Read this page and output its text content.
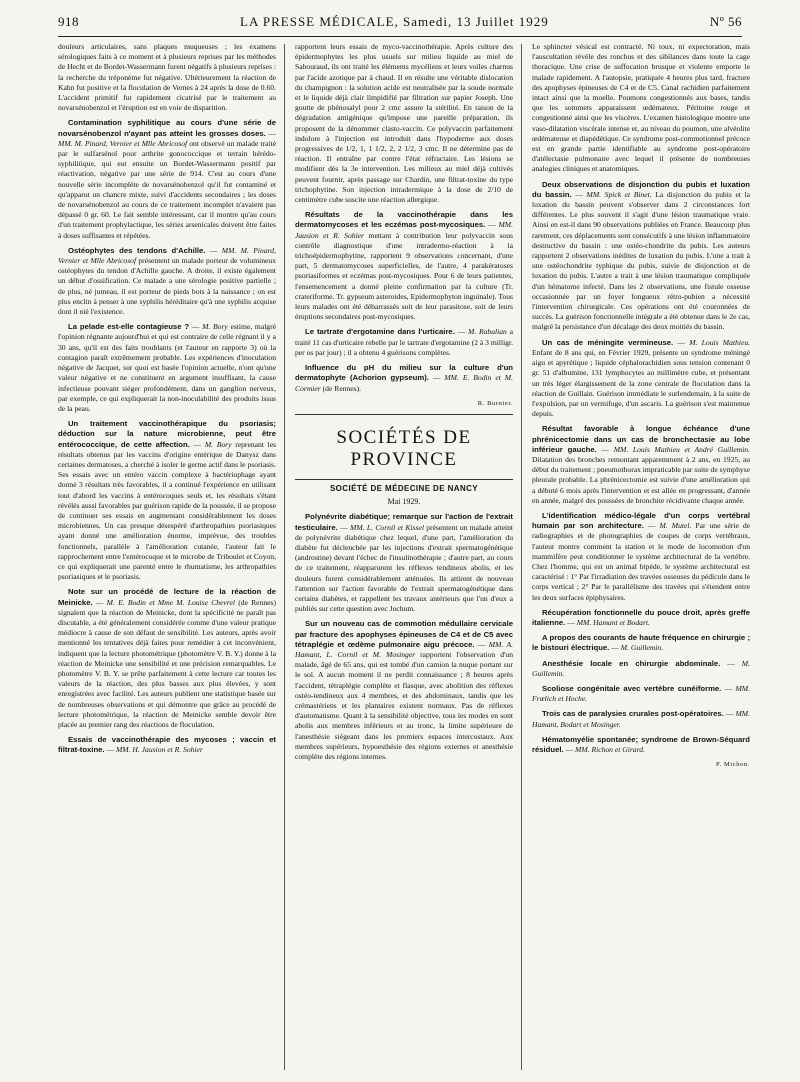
918	LA PRESSE MÉDICALE, Samedi, 13 Juillet 1929	Nº 56

douleurs articulaires, sans plaques muqueuses ; les examens sérologiques faits à ce moment et à plusieurs reprises par les méthodes de Hecht et de Bordet-Wassermann furent négatifs à plusieurs reprises : la recherche du tréponème fut négative. Ultérieurement la réaction de Kahn fut positive et la floculation de Vernes à 24 après la dose de 0.60. L'accident primitif fut rapidement cicatrisé par le traitement au novarsénobenzol et l'éruption est en voie de disparition.

Contamination syphilitique au cours d'une série de novarsénobenzol n'ayant pas atteint les grosses doses. — MM. M. Pinard, Vernier et Mlle Abricosof ont observé un malade traité par le sulfarsénol pour arthrite gonococcique et terrain hérédo-syphilitique, qui eut ensuite un Bordet-Wassermann positif par réactivation, négative par une série de 914. C'est au cours d'une nouvelle série incomplète de novarsénobenzol qu'il fut contaminé et qu'apparut un chancre mixte, suivi d'accidents secondaires ; les doses de novarsénobenzol au cours de ce traitement incomplet n'avaient pas dépassé 0 gr. 60. Le fait semble intéressant, car il montre qu'au cours d'un traitement prophylactique, les séries arsenicales doivent être faites à doses suffisantes et répétées.

Ostéophytes des tendons d'Achille. — MM. M. Pinard, Vernier et Mlle Abricosof présentent un malade porteur de volumineux ostéophytes du tendon d'Achille gauche. A droite, il existe également un début d'ossification. Ce malade a une sérologie positive partielle ; de plus, né jumeau, il est porteur de pieds bots à la naissance ; on est plus enclin à penser à une syphilis héréditaire qu'à une syphilis acquise dont il nié l'existence.

La pelade est-elle contagieuse ? — M. Bory estime, malgré l'opinion régnante aujourd'hui et qui est contraire de celle régnant il y a 30 ans, qu'il est des faits troublants (et l'auteur en rapporte 3) où la contagion paraît extrêmement probable. Les expériences d'inoculation négative de Jacquet, sur quoi est basée l'opinion actuelle, n'ont qu'une valeur négative et ne constituent en argument insuffisant, la cause infectieuse pouvant siéger profondément, dans un ganglion nerveux, par exemple, ce qui expliquerait la non-inoculabilité des produits issus de la peau.

Un traitement vaccinothérapique du psoriasis; déduction sur la nature microbienne, peut être entérococcique, de cette affection. — M. Bory reprenant les résultats obtenus par les vaccins d'origine entérique de Danysz dans certaines dermatoses, a cherché à isoler le germe actif dans le psoriasis. Ses essais avec un entéro vaccin complexe à bactériophage ayant donné 3 résultats très favorables, il a continué l'expérience en utilisant tout d'abord les vaccins à entérocoques seuls et, les résultats s'étant révélés aussi favorables par guérison rapide de la poussée, il se propose de continuer ses essais en augmentant considérablement les doses microbiennes. Un cas presque désespéré d'arthropathies psoriasiques ayant donné une amélioration énorme, imprévue, des troubles fonctionnels, parallèle à l'amélioration cutanée, l'auteur fait le rapprochement entre l'entérocoque et le microbe de Triboulet et Coyon, ce qui expliquerait une parenté entre le rhumatisme, les arthropathies psoriasiques et le psoriasis.

Note sur un procédé de lecture de la réaction de Meinicke. — M. E. Bodin et Mme M. Louise Chevrel (de Rennes) signalent que la réaction de Meinicke, dont la spécificité ne paraît pas discutable, a été généralement considérée comme d'une valeur pratique médiocre à cause de son défaut de sensibilité. Les auteurs, après avoir mentionné les tentatives déjà faites pour remédier à cet inconvénient, indiquent que la lecture photométrique (photomètre V. B. Y.) donne à la réaction de Meinicke une sensibilité et une précision remarquables. Le photomètre V. B. Y. se prête parfaitement à cette lecture car toutes les valeurs de la réaction, des plus basses aux plus élevées, y sont enregistrées avec facilité. Les auteurs publient une statistique basée sur de nombreuses observations et qui démontre que grâce au procédé de lecture photométrique, la réaction de Meinicke semble devoir être placée au premier rang des réactions de floculation.

Essais de vaccinothérapie des mycoses ; vaccin et filtrat-toxine. — MM. H. Jausion et R. Sohier

rapportent leurs essais de myco-vaccinothérapie. Après culture des épidermophytes les plus usuels sur milieu liquide au miel de Sabouraud, ils ont traité les éléments mycéliens et leurs voiles charnus par l'acide azotique par à chaud. Il en résulte une véritable dislocation du champignon : la solution acide est neutralisée par la soude normale et le liquide déjà clair limpidifié par filtration sur papier Joseph. Une goutte de phénosalyl pour 2 cmc assure la stérilité. En raison de la dégradation antigénique qu'impose une pareille préparation, ils proposent de la dénommer clasto-vaccin. Ce polyvaccin parfaitement indolore à l'injection est introduit dans l'hypoderme aux doses progressives de 1/2, 1, 1 1/2, 2, 2 1/2, 3 cmc. Il ne détermine pas de réaction. Il entraîne par contre l'état réfractaire. Les lésions se modifient dès la 3e intervention. Les milieux au miel déjà cultivés peuvent fournir, après passage sur Chardin, une filtrat-toxine du type trichophytine. Son injection intradermique à la dose de 2/10 de centimètre cube suscite une réaction allergique.

Résultats de la vaccinothérapie dans les dermatomycoses et les eczémas post-mycosiques. — MM. Jausion et R. Sohier mettant à contribution leur polyvaccin sous contrôle diagnostique d'une intradermo-réaction à la trichoépidermophytine, rapportent 9 observations concernant, d'une part, 5 dermatomycoses superficielles, de l'autre, 4 parakératoses psoriasiformes et eczémas post-mycosiques. Pour 6 de leurs patientes, l'ensemencement a donné pleine confirmation par la culture (Tr. crateriforme. Tr. gypseum asteroides, Epidermophyton inguinale). Tous leurs malades ont été débarrassés soit de leur parasitose, soit de leurs éruptions secondaires post-mycosiques.

Le tartrate d'ergotamine dans l'urticaire. — M. Rabalian a traité 11 cas d'urticaire rebelle par le tartrate d'ergotamine (2 à 3 milligr. per os par jour) ; il a obtenu 4 guérisons complètes.

Influence du pH du milieu sur la culture d'un dermatophyte (Achorion gypseum). — MM. E. Bodin et M. Cormier (de Rennes).

R. Burnier.
SOCIÉTÉS DE PROVINCE
SOCIÉTÉ DE MÉDECINE DE NANCY
Mai 1929.

Polynévrite diabétique; remarque sur l'action de l'extrait testiculaire. — MM. L. Cornil et Kissel présentent un malade atteint de polynévrite diabétique chez lequel, d'une part, l'amélioration du diabète fut déclenchée par les injections d'extrait spermatogénétique (androstine) devant l'échec de l'insulinothérapie ; d'autre part, au cours de ce traitement, réapparurent les réflexes tendineux abolis, et les douleurs furent considérablement atténuées. Ils attirent de nouveau l'attention sur l'action favorable de l'extrait spermatogénétique dans certains diabètes, et rappellent les travaux antérieurs que l'un d'eux a publiés sur cette question avec Jochum.

Sur un nouveau cas de commotion médullaire cervicale par fracture des apophyses épineuses de C4 et de C5 avec tétraplégie et œdème pulmonaire aigu précoce. — MM. A. Hamant, L. Cornil et M. Mosinger rapportent l'observation d'un malade, âgé de 65 ans, qui est tombé d'un camion la nuque portant sur le sol. A aucun moment il ne perdit connaissance ; 8 heures après l'accident, tétraplégie complète et flasque, avec abolition des réflexes ostéo-tendineux aux 4 membres, et des abdominaux, tandis que les crémastériens et les plantaires existent normaux. Pas de réflexes d'automatisme. Quant à la sensibilité objective, tous les modes en sont abolis aux membres inférieurs et au tronc, la limite supérieure de l'anesthésie siégeant dans les premiers espaces intercostaux. Aux membres supérieurs, hypoesthésie des régions externes et anesthésie complète des régions internes.

Le sphincter vésical est contracté. Ni toux, ni expectoration, mais l'auscultation révèle des ronchus et des sibilances dans toute la cage thoracique. Une crise de suffocation brusque et violente emporte le malade rapidement. A l'autopsie, pratiquée 4 heures plus tard, fracture des apophyses épineuses de C4 et de C5. Canal rachidien parfaitement intact ainsi que la moelle. Poumons congestionnés aux bases, tandis que les sommets apparaissent œdémateux. Péritoine rouge et congestionné ainsi que les viscères. L'examen histologique montre une vaso-dilatation viscérale intense et, au niveau du poumon, une alvéolite œdémateuse et diapédétique. Ce syndrome post-commotionnel précoce est en grande partie identifiable au syndrome post-opératoire d'atélectasie pulmonaire avec lequel il présente de nombreuses analogies cliniques et anatomiques.

Deux observations de disjonction du pubis et luxation du bassin. — MM. Spick et Binet. La disjonction du pubis et la luxation du bassin peuvent s'observer dans 2 circonstances fort différentes. Le plus souvent il s'agit d'une lésion traumatique vraie. Ainsi en est-il dans 90 observations publiées en France. Beaucoup plus rarement, ces déplacements sont consécutifs à une lésion inflammatoire destructive du bassin : une ostéo-chondrite du pubis. Les auteurs rapportent 2 observations inédites de luxation du pubis. L'une a trait à une ostéochondrite typhique du pubis, suivie de disjonction et de luxation du pubis. L'autre a trait à une lésion traumatique compliquée d'un hématome infecté. Dans les 2 observations, une fistule osseuse occasionnée par un foyer fongueux rétro-pubien a nécessité l'intervention chirurgicale. Ces opérations ont été couronnées de succès. La guérison fonctionnelle intégrale a été obtenue dans le 2e cas, malgré la persistance d'un décalage des deux moitiés du bassin.

Un cas de méningite vermineuse. — M. Louis Mathieu. Enfant de 8 ans qui, en Février 1929, présente un syndrome méningé aigu et apyrétique ; liquide céphalorachidien sous tension contenant 0 gr. 51 d'albumine, 131 lymphocytes au millimètre cube, et présentant un très léger élargissement de la zone centrale de floculation dans la réaction de Guillain. Guérison immédiate le surlendemain, à la suite de l'expulsion, par un vermifuge, d'un ascaris. La guérison s'est maintenue depuis.

Résultat favorable à longue échéance d'une phrénicectomie dans un cas de bronchectasie au lobe inférieur gauche. — MM. Louis Mathieu et André Guillemin. Dilatation des bronches remontant apparemment à 2 ans, en 1925, au début du traitement ; pneumothorax impraticable par suite de symphyse pleurale probable. La phrénicectomie est suivie d'une amélioration qui a débuté 6 mois après l'intervention et est allée en progressant, d'année en année, malgré des poussées de bronchite récidivante chaque année.

L'identification médico-légale d'un corps vertébral humain par son architecture. — M. Mutel. Par une série de radiographies et de photographies de coupes de corps vertébraux, l'auteur montre comment la station et le mode de locomotion d'un mammifère peut conditionner le système architectural de la vertèbre. Chez l'homme, qui est un animal bipède, le système architectural est caractérisé : 1° Par l'irradiation des travées osseuses du pédicule dans le corps vertical ; 2° Par le parallélisme des travées qui s'étendent entre les deux surfaces épiphysaires.

Récupération fonctionnelle du pouce droit, après greffe italienne. — MM. Hamant et Bodart.

A propos des courants de haute fréquence en chirurgie ; le bistouri électrique. — M. Guillemin.

Anesthésie locale en chirurgie abdominale. — M. Guillemin.

Scoliose congénitale avec vertèbre cunéiforme. — MM. Frœlich et Hoche.

Trois cas de paralysies crurales post-opératoires. — MM. Hamant, Bodart et Mosinger.

Hématomyélie spontanée; syndrome de Brown-Séquard résiduel. — MM. Richon et Girard.

P. Michon.
